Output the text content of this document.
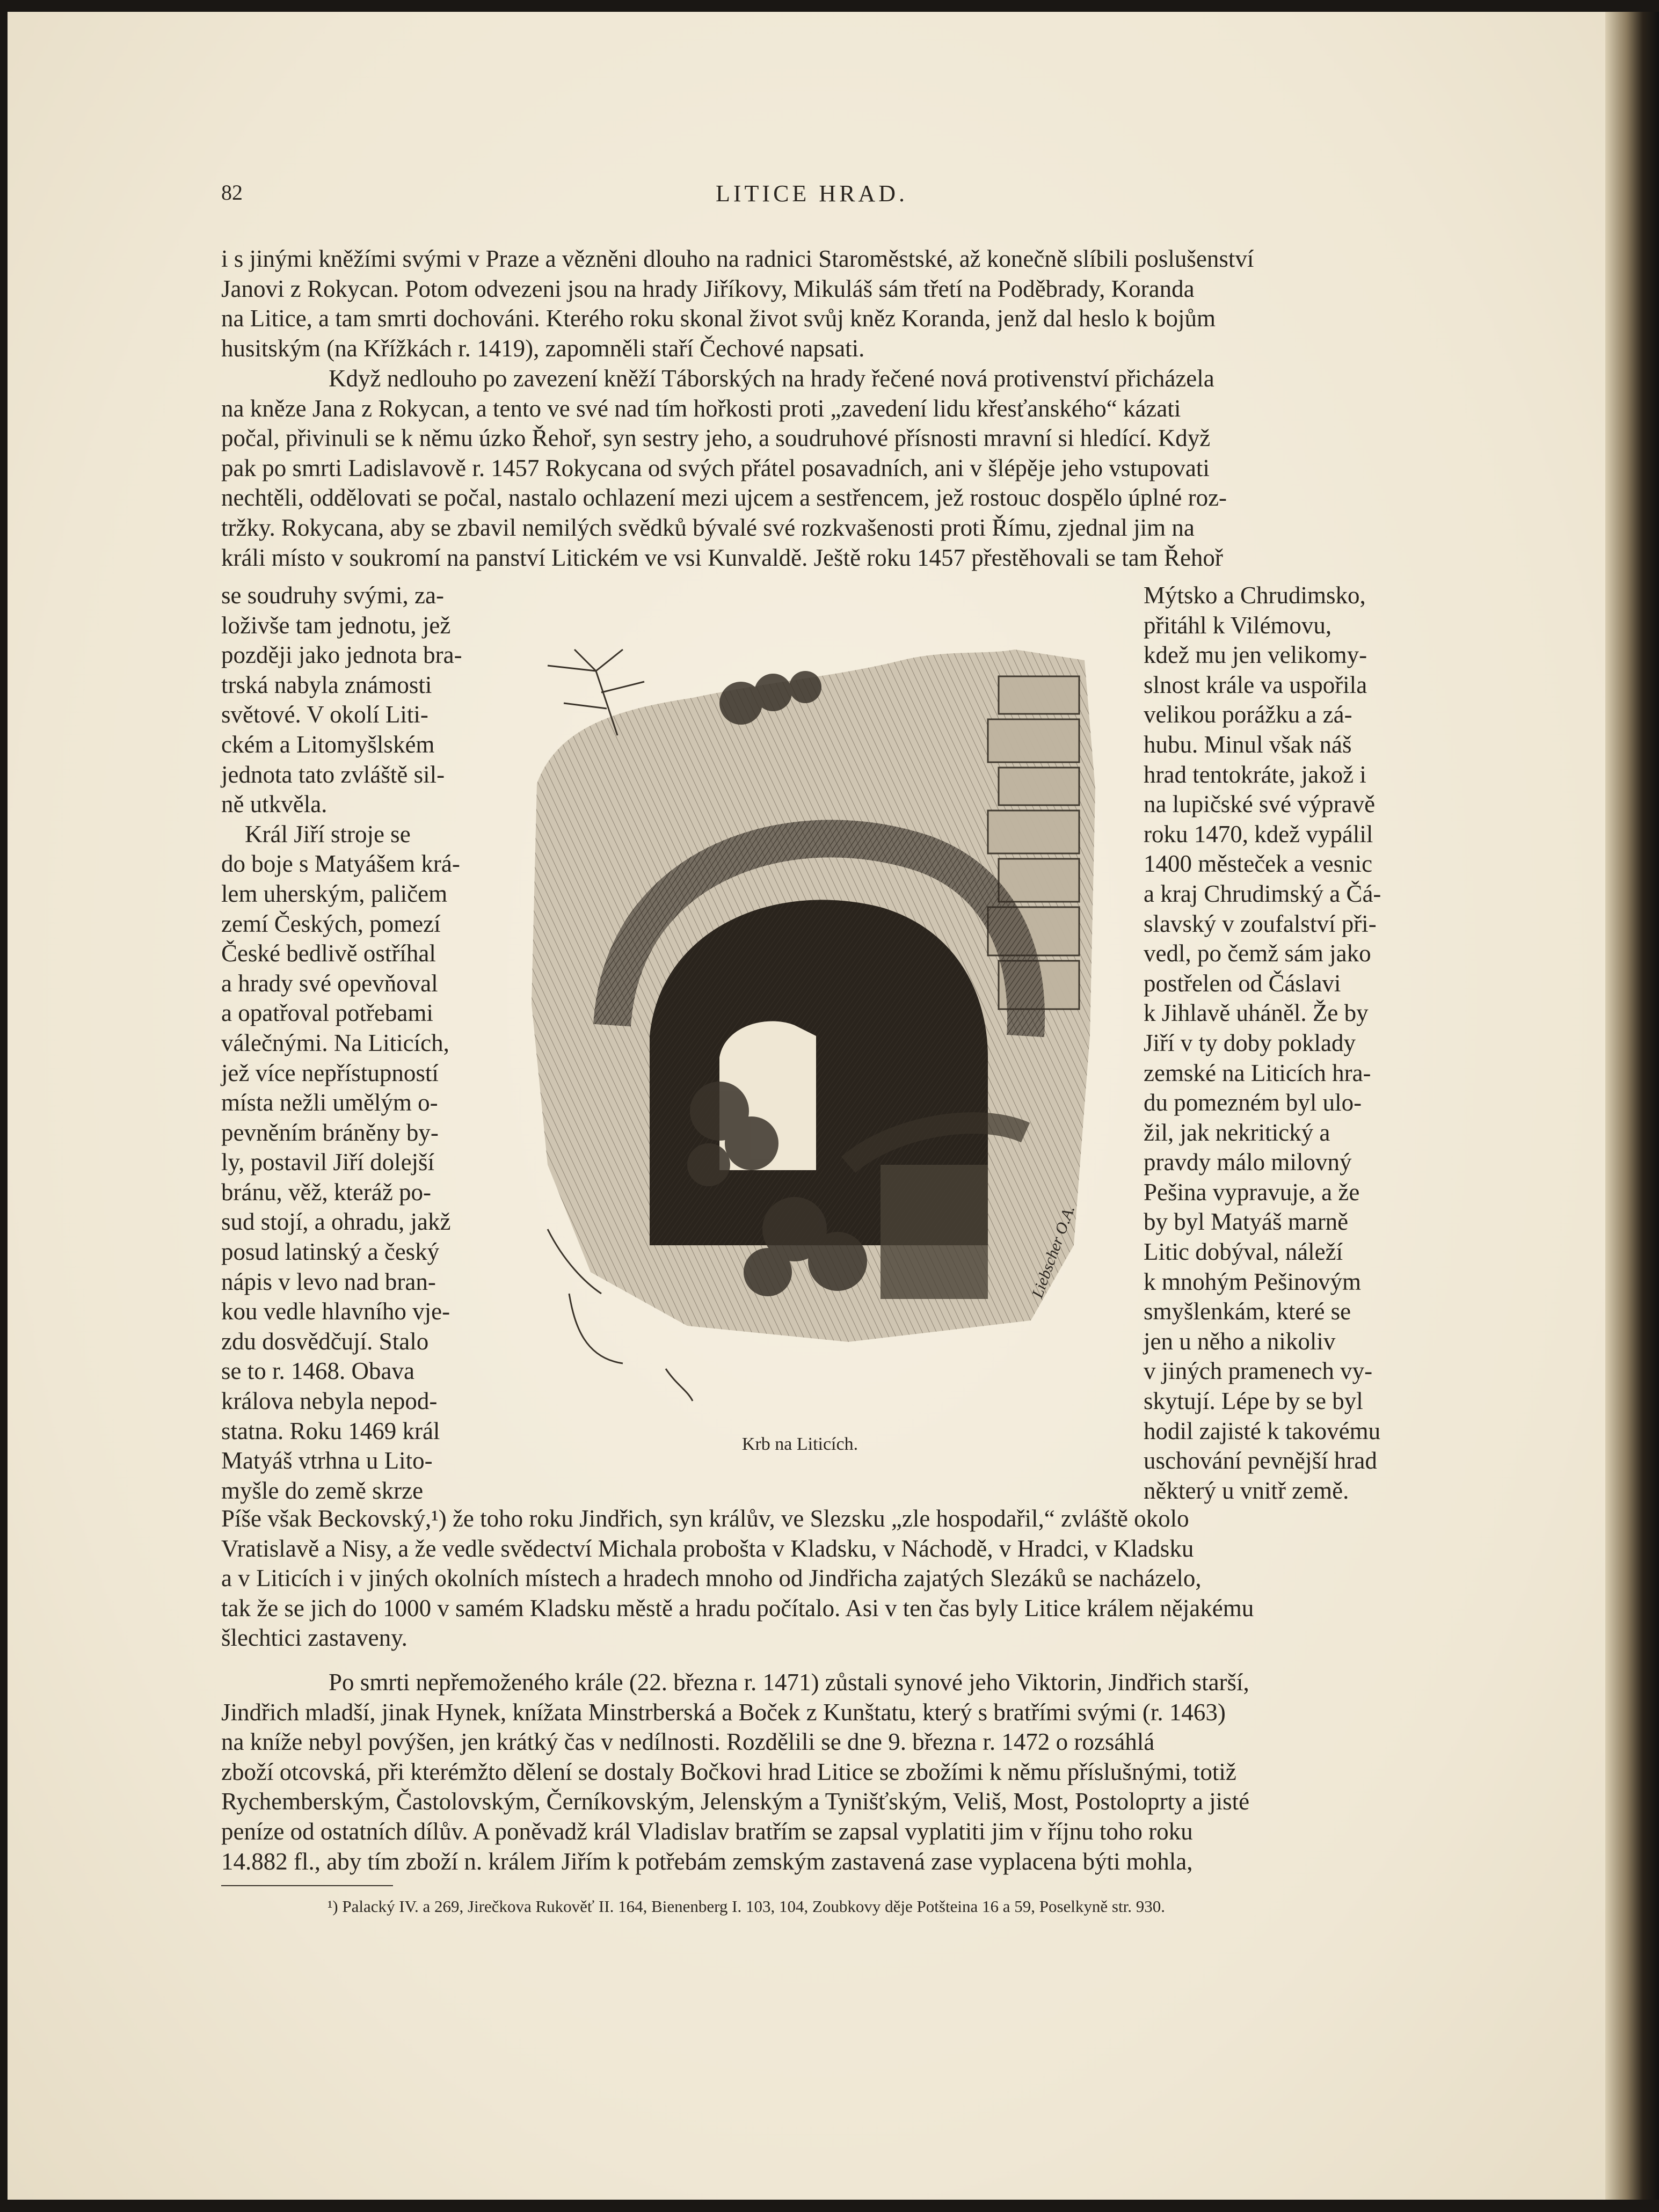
82	LITICE HRAD.

i s jinými kněžími svými v Praze a vězněni dlouho na radnici Staroměstské, až konečně slíbili poslušenství

Janovi z Rokycan. Potom odvezeni jsou na hrady Jiříkovy, Mikuláš sám třetí na Poděbrady, Koranda

na Litice, a tam smrti dochováni. Kterého roku skonal život svůj kněz Koranda, jenž dal heslo k bojům

husitským (na Křížkách r. 1419), zapomněli staří Čechové napsati.

Když nedlouho po zavezení kněží Táborských na hrady řečené nová protivenství přicházela

na kněze Jana z Rokycan, a tento ve své nad tím hořkosti proti „zavedení lidu křesťanského“ kázati

počal, přivinuli se k němu úzko Řehoř, syn sestry jeho, a soudruhové přísnosti mravní si hledící. Když

pak po smrti Ladislavově r. 1457 Rokycana od svých přátel posavadních, ani v šlépěje jeho vstupovati

nechtěli, oddělovati se počal, nastalo ochlazení mezi ujcem a sestřencem, jež rostouc dospělo úplné roz-

tržky. Rokycana, aby se zbavil nemilých svědků bývalé své rozkvašenosti proti Římu, zjednal jim na

králi místo v soukromí na panství Litickém ve vsi Kunvaldě. Ještě roku 1457 přestěhovali se tam Řehoř

se soudruhy svými, za-

loživše tam jednotu, jež

později jako jednota bra-

trská nabyla známosti

světové. V okolí Liti-

ckém a Litomyšlském

jednota tato zvláště sil-

ně utkvěla.

Král Jiří stroje se

do boje s Matyášem krá-

lem uherským, paličem

zemí Českých, pomezí

České bedlivě ostříhal

a hrady své opevňoval

a opatřoval potřebami

válečnými. Na Liticích,

jež více nepřístupností

místa nežli umělým o-

pevněním bráněny by-

ly, postavil Jiří dolejší

bránu, věž, kteráž po-

sud stojí, a ohradu, jakž

posud latinský a český

nápis v levo nad bran-

kou vedle hlavního vje-

zdu dosvědčují. Stalo

se to r. 1468. Obava

králova nebyla nepod-

statna. Roku 1469 král

Matyáš vtrhna u Lito-

myšle do země skrze

Mýtsko a Chrudimsko,

přitáhl k Vilémovu,

kdež mu jen velikomy-

slnost krále va uspořila

velikou porážku a zá-

hubu. Minul však náš

hrad tentokráte, jakož i

na lupičské své výpravě

roku 1470, kdež vypálil

1400 městeček a vesnic

a kraj Chrudimský a Čá-

slavský v zoufalství při-

vedl, po čemž sám jako

postřelen od Čáslavi

k Jihlavě uháněl. Že by

Jiří v ty doby poklady

zemské na Liticích hra-

du pomezném byl ulo-

žil, jak nekritický a

pravdy málo milovný

Pešina vypravuje, a že

by byl Matyáš marně

Litic dobýval, náleží

k mnohým Pešinovým

smyšlenkám, které se

jen u něho a nikoliv

v jiných pramenech vy-

skytují. Lépe by se byl

hodil zajisté k takovému

uschování pevnější hrad

některý u vnitř země.

Liebscher O.A.
Krb na Liticích.

Píše však Beckovský,¹) že toho roku Jindřich, syn králův, ve Slezsku „zle hospodařil,“ zvláště okolo

Vratislavě a Nisy, a že vedle svědectví Michala probošta v Kladsku, v Náchodě, v Hradci, v Kladsku

a v Liticích i v jiných okolních místech a hradech mnoho od Jindřicha zajatých Slezáků se nacházelo,

tak že se jich do 1000 v samém Kladsku městě a hradu počítalo. Asi v ten čas byly Litice králem nějakému

šlechtici zastaveny.

Po smrti nepřemoženého krále (22. března r. 1471) zůstali synové jeho Viktorin, Jindřich starší,

Jindřich mladší, jinak Hynek, knížata Minstrberská a Boček z Kunštatu, který s bratřími svými (r. 1463)

na kníže nebyl povýšen, jen krátký čas v nedílnosti. Rozdělili se dne 9. března r. 1472 o rozsáhlá

zboží otcovská, při kterémžto dělení se dostaly Bočkovi hrad Litice se zbožími k němu příslušnými, totiž

Rychemberským, Častolovským, Černíkovským, Jelenským a Tynišťským, Veliš, Most, Postoloprty a jisté

peníze od ostatních dílův. A poněvadž král Vladislav bratřím se zapsal vyplatiti jim v říjnu toho roku

14.882 fl., aby tím zboží n. králem Jiřím k potřebám zemským zastavená zase vyplacena býti mohla,

¹) Palacký IV. a 269, Jirečkova Rukověť II. 164, Bienenberg I. 103, 104, Zoubkovy děje Potšteina 16 a 59, Poselkyně str. 930.
